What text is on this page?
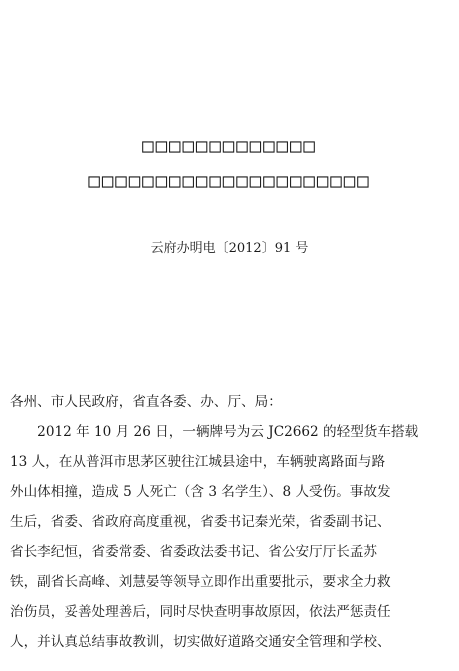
□□□□□□□□□□□□□
□□□□□□□□□□□□□□□□□□□□□
云府办明电〔2012〕91 号
各州、市人民政府，省直各委、办、厅、局：
　　2012 年 10 月 26 日，一辆牌号为云 JC2662 的轻型货车搭载
13 人，在从普洱市思茅区驶往江城县途中，车辆驶离路面与路
外山体相撞，造成 5 人死亡（含 3 名学生）、8 人受伤。事故发
生后，省委、省政府高度重视，省委书记秦光荣，省委副书记、
省长李纪恒，省委常委、省委政法委书记、省公安厅厅长孟苏
铁，副省长高峰、刘慧晏等领导立即作出重要批示，要求全力救
治伤员，妥善处理善后，同时尽快查明事故原因，依法严惩责任
人，并认真总结事故教训，切实做好道路交通安全管理和学校、
